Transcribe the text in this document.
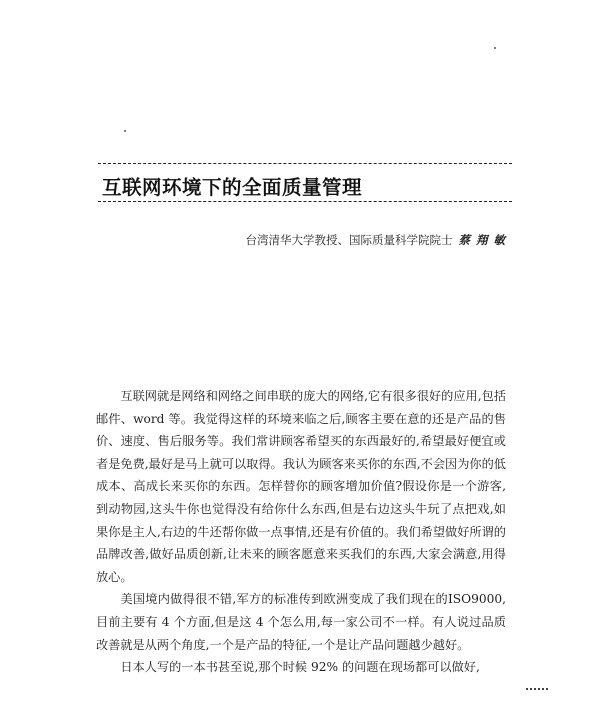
互联网环境下的全面质量管理
台湾清华大学教授、国际质量科学院院士 蔡 翔 敏

互联网就是网络和网络之间串联的庞大的网络,它有很多很好的应用,包括邮件、word 等。我觉得这样的环境来临之后,顾客主要在意的还是产品的售价、速度、售后服务等。我们常讲顾客希望买的东西最好的,希望最好便宜或者是免费,最好是马上就可以取得。我认为顾客来买你的东西,不会因为你的低成本、高成长来买你的东西。怎样替你的顾客增加价值?假设你是一个游客,到动物园,这头牛你也觉得没有给你什么东西,但是右边这头牛玩了点把戏,如果你是主人,右边的牛还帮你做一点事情,还是有价值的。我们希望做好所谓的品牌改善,做好品质创新,让未来的顾客愿意来买我们的东西,大家会满意,用得放心。

美国境内做得很不错,军方的标准传到欧洲变成了我们现在的ISO9000,目前主要有 4 个方面,但是这 4 个怎么用,每一家公司不一样。有人说过品质改善就是从两个角度,一个是产品的特征,一个是让产品问题越少越好。

日本人写的一本书甚至说,那个时候 92% 的问题在现场都可以做好,
